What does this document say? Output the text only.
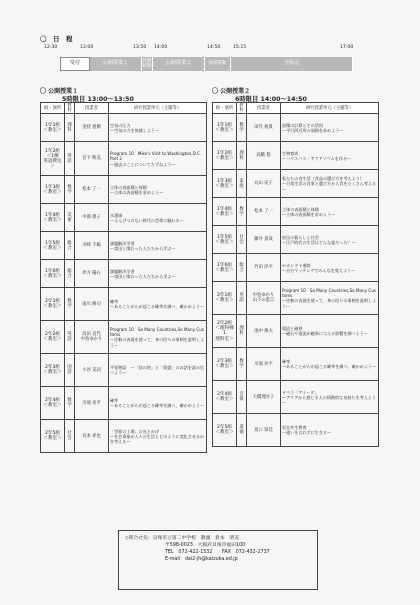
〇　日　程
12:30	13:00	13:50 14:00	14:50	15:15	17:00
受付	公開授業１	休憩移動
公開授業２	休憩移動	全体会
〇 公開授業１
5時限目 13:00～13:50
組・演所	教科	授業者	研究授業単元（主題等）
1年1組
＜教室＞	理科	金持 恵樹	空気の圧力
～空気の力を体感しよう～
1年2組
＜1棟
英語教室＞	英語	宮下 映美	Program 10　Mike's Visit to Washington,D.C. Part 2
～過去のことについてたずねよう～
1年3組
＜教室＞	数学	松本 了一	立体の表面積と体積
～立体の表面積を求めよう～
1年4組
＜教室＞	美術	中澤 理子	水墨画
～えんぴつのない時代の芸術に触れる～
1年5組
＜教室＞	総合	川崎 千鶴	課題解決学習
～富田と関わった人たちから学ぶ～
1年6組
＜教室＞	総合	坪方 陽右	課題解決学習
～富田と関わった人たちから学ぶ～
2年1組
＜教室＞	数学	南川 修司	確率
～あることがらが起こる確率を調べ、確かめよう～
2年2組
＜教室＞	英語	高田 直代
中島ゆかり	Program 10　So Many Countries,So Many Customs
～比較の表現を使って、身の回りの事柄を説明しよう～
2年3組
＜教室＞	国語	小谷 美詞	平家物語　～「扇の的」と「敦盛」のお話を読み比べよう～
2年4組
＜教室＞	数学	川端 亮平	確率
～あることがらが起こる確率を調べ、確かめよう～
2年5組
＜教室＞	社会	有本 祥也	「世界の工場」の光とかげ
～社会事象が人々の生活とどのように変化させるかを考える～
〇 公開授業２
6時限目 14:00～14:50
組・演所	教科	授業者	研究授業単元（主題等）
1年1組
＜教室＞	数学	田代 裕貴	面積の計算とその活用
～平行四辺形の面積を求めよう～
1年2組
＜教室＞	理科	高橋 悠	生物育成
～ハウスバス・アクアリウムを作る～
1年3組
＜教室＞	家庭	丸山 史子	私たちの食生活（食品の選び方を考えよう）
～日常生活の食事と選び方から食をたくさん考える～
1年4組
＜教室＞	数学	松本 了一	立体の表面積と体積
～立体の表面積を求めよう～
1年5組
＜教室＞	社会	藤井 真哉	庶民の暮らしと社会
～江戸時代の生活はどんな姿だった？～
1年6組
＜教室＞	総合	竹田 洋平	セカンドト進路
～自分マッチングでみんなを変えよう～
2年1組
＜教室＞	英語	中島ゆかり
山下の恵言	Program 10　So Many Countries,So Many Customs
～比較の表現を使って、身の回りの事柄を説明しよう～
2年2組
＜理科棟1
理科室＞	理科	池中 俊夫	電流と磁界
～磁石や電流が磁界に与える影響を調べよう～
2年3組
＜教室＞	数学	川端 亮平	確率
～あることがらが起こる確率を調べ、確かめよう～
2年4組
＜教室＞	音楽	大橋理沙子	オペラ「アイーダ」
～アリアから感じる人の情熱的な気持ちを考えよう～
2年5組
＜教室＞	道徳	坂口 知佳	男女共生教育
～違いを言わずに生きる～
◇問合せ先： 貝塚市立第二中学校　教頭　倉本　明美
〒598-0023　大阪府貝塚市福田100
TEL　072-422-1532　　FAX　072-432-2737
E-mail　dai2-jh@kaizuka.ed.jp
